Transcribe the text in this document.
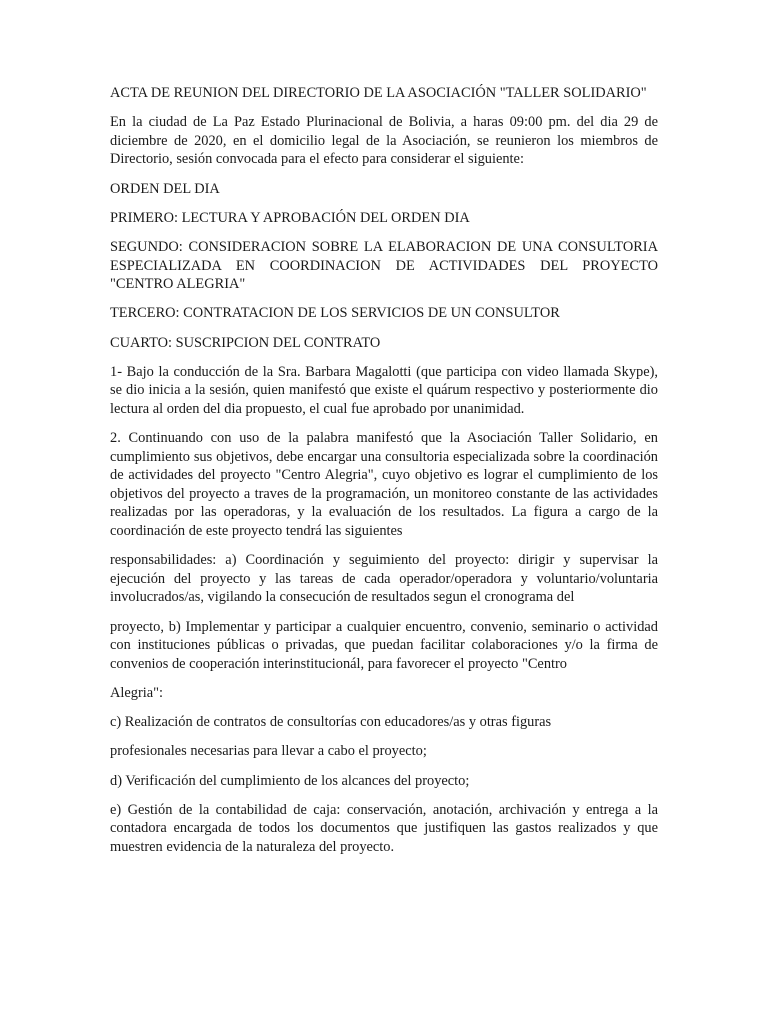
ACTA DE REUNION DEL DIRECTORIO DE LA ASOCIACIÓN "TALLER SOLIDARIO"

En la ciudad de La Paz Estado Plurinacional de Bolivia, a haras 09:00 pm. del dia 29 de diciembre de 2020, en el domicilio legal de la Asociación, se reunieron los miembros de Directorio, sesión convocada para el efecto para considerar el siguiente:

ORDEN DEL DIA

PRIMERO: LECTURA Y APROBACIÓN DEL ORDEN DIA

SEGUNDO: CONSIDERACION SOBRE LA ELABORACION DE UNA CONSULTORIA ESPECIALIZADA EN COORDINACION DE ACTIVIDADES DEL PROYECTO "CENTRO ALEGRIA"

TERCERO: CONTRATACION DE LOS SERVICIOS DE UN CONSULTOR

CUARTO: SUSCRIPCION DEL CONTRATO

1- Bajo la conducción de la Sra. Barbara Magalotti (que participa con video llamada Skype), se dio inicia a la sesión, quien manifestó que existe el quárum respectivo y posteriormente dio lectura al orden del dia propuesto, el cual fue aprobado por unanimidad.

2. Continuando con uso de la palabra manifestó que la Asociación Taller Solidario, en cumplimiento sus objetivos, debe encargar una consultoria especializada sobre la coordinación de actividades del proyecto "Centro Alegria", cuyo objetivo es lograr el cumplimiento de los objetivos del proyecto a traves de la programación, un monitoreo constante de las actividades realizadas por las operadoras, y la evaluación de los resultados. La figura a cargo de la coordinación de este proyecto tendrá las siguientes

responsabilidades: a) Coordinación y seguimiento del proyecto: dirigir y supervisar la ejecución del proyecto y las tareas de cada operador/operadora y voluntario/voluntaria involucrados/as, vigilando la consecución de resultados segun el cronograma del

proyecto, b) Implementar y participar a cualquier encuentro, convenio, seminario o actividad con instituciones públicas o privadas, que puedan facilitar colaboraciones y/o la firma de convenios de cooperación interinstitucionál, para favorecer el proyecto "Centro

Alegria":

c) Realización de contratos de consultorías con educadores/as y otras figuras

profesionales necesarias para llevar a cabo el proyecto;

d) Verificación del cumplimiento de los alcances del proyecto;

e) Gestión de la contabilidad de caja: conservación, anotación, archivación y entrega a la contadora encargada de todos los documentos que justifiquen las gastos realizados y que muestren evidencia de la naturaleza del proyecto.
